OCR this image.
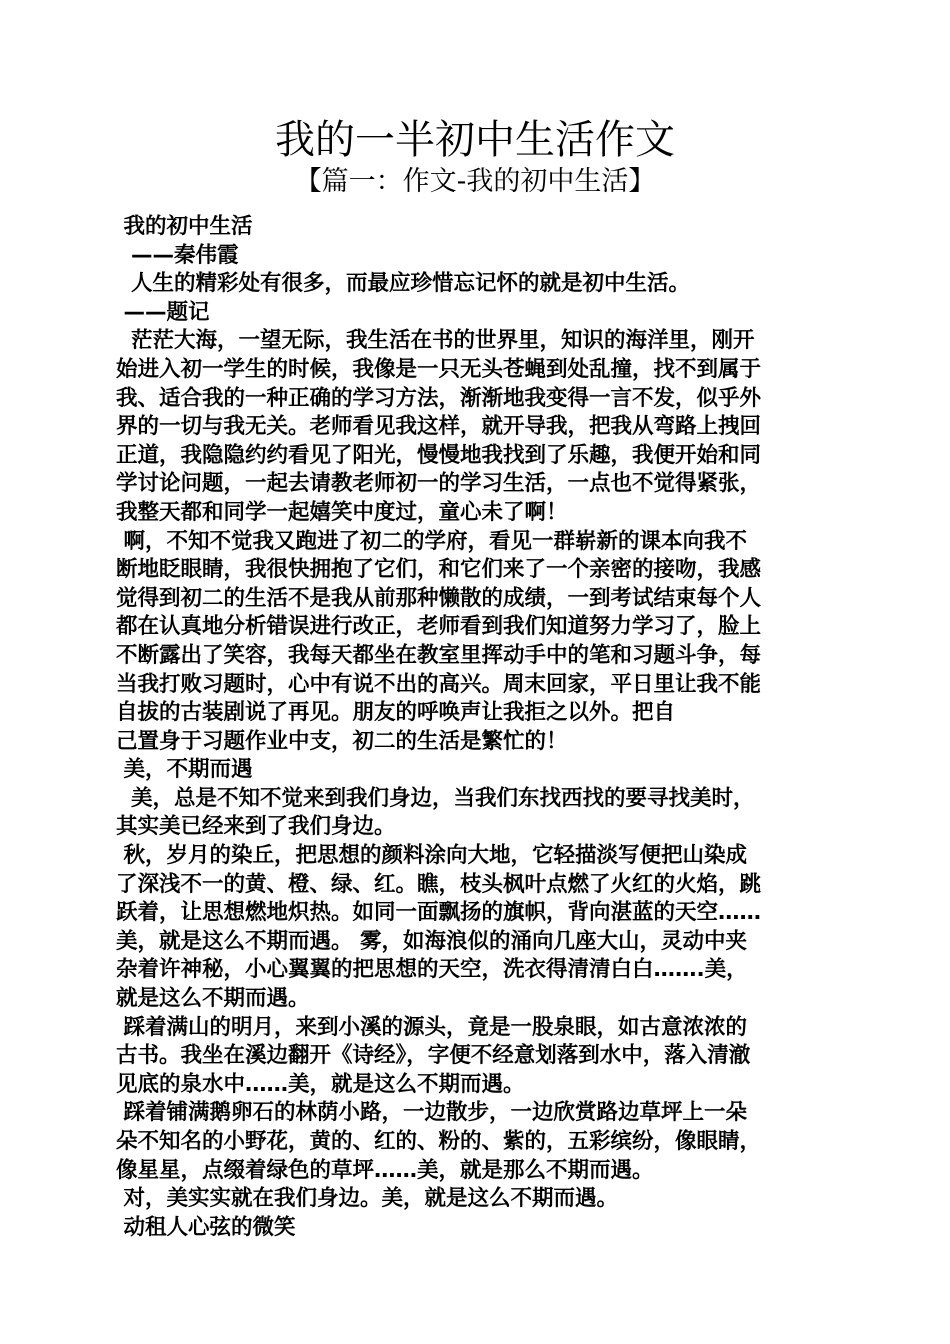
我的一半初中生活作文
【篇一：作文-我的初中生活】
我的初中生活
——秦伟霞
人生的精彩处有很多，而最应珍惜忘记怀的就是初中生活。
——题记
茫茫大海，一望无际，我生活在书的世界里，知识的海洋里，刚开
始进入初一学生的时候，我像是一只无头苍蝇到处乱撞，找不到属于
我、适合我的一种正确的学习方法，渐渐地我变得一言不发，似乎外
界的一切与我无关。老师看见我这样，就开导我，把我从弯路上拽回
正道，我隐隐约约看见了阳光，慢慢地我找到了乐趣，我便开始和同
学讨论问题，一起去请教老师初一的学习生活，一点也不觉得紧张，
我整天都和同学一起嬉笑中度过，童心未了啊！
啊，不知不觉我又跑进了初二的学府，看见一群崭新的课本向我不
断地眨眼睛，我很快拥抱了它们，和它们来了一个亲密的接吻，我感
觉得到初二的生活不是我从前那种懒散的成绩，一到考试结束每个人
都在认真地分析错误进行改正，老师看到我们知道努力学习了，脸上
不断露出了笑容，我每天都坐在教室里挥动手中的笔和习题斗争，每
当我打败习题时，心中有说不出的高兴。周末回家，平日里让我不能
自拔的古装剧说了再见。朋友的呼唤声让我拒之以外。把自
己置身于习题作业中支，初二的生活是繁忙的！
美，不期而遇
美，总是不知不觉来到我们身边，当我们东找西找的要寻找美时，
其实美已经来到了我们身边。
秋，岁月的染丘，把思想的颜料涂向大地，它轻描淡写便把山染成
了深浅不一的黄、橙、绿、红。瞧，枝头枫叶点燃了火红的火焰，跳
跃着，让思想燃地炽热。如同一面飘扬的旗帜，背向湛蓝的天空……
美，就是这么不期而遇。 雾，如海浪似的涌向几座大山，灵动中夹
杂着许神秘，小心翼翼的把思想的天空，洗衣得清清白白…….美，
就是这么不期而遇。
踩着满山的明月，来到小溪的源头，竟是一股泉眼，如古意浓浓的
古书。我坐在溪边翻开《诗经》，字便不经意划落到水中，落入清澈
见底的泉水中……美，就是这么不期而遇。
踩着铺满鹅卵石的林荫小路，一边散步，一边欣赏路边草坪上一朵
朵不知名的小野花，黄的、红的、粉的、紫的，五彩缤纷，像眼睛，
像星星，点缀着绿色的草坪……美，就是那么不期而遇。
对，美实实就在我们身边。美，就是这么不期而遇。
动租人心弦的微笑
